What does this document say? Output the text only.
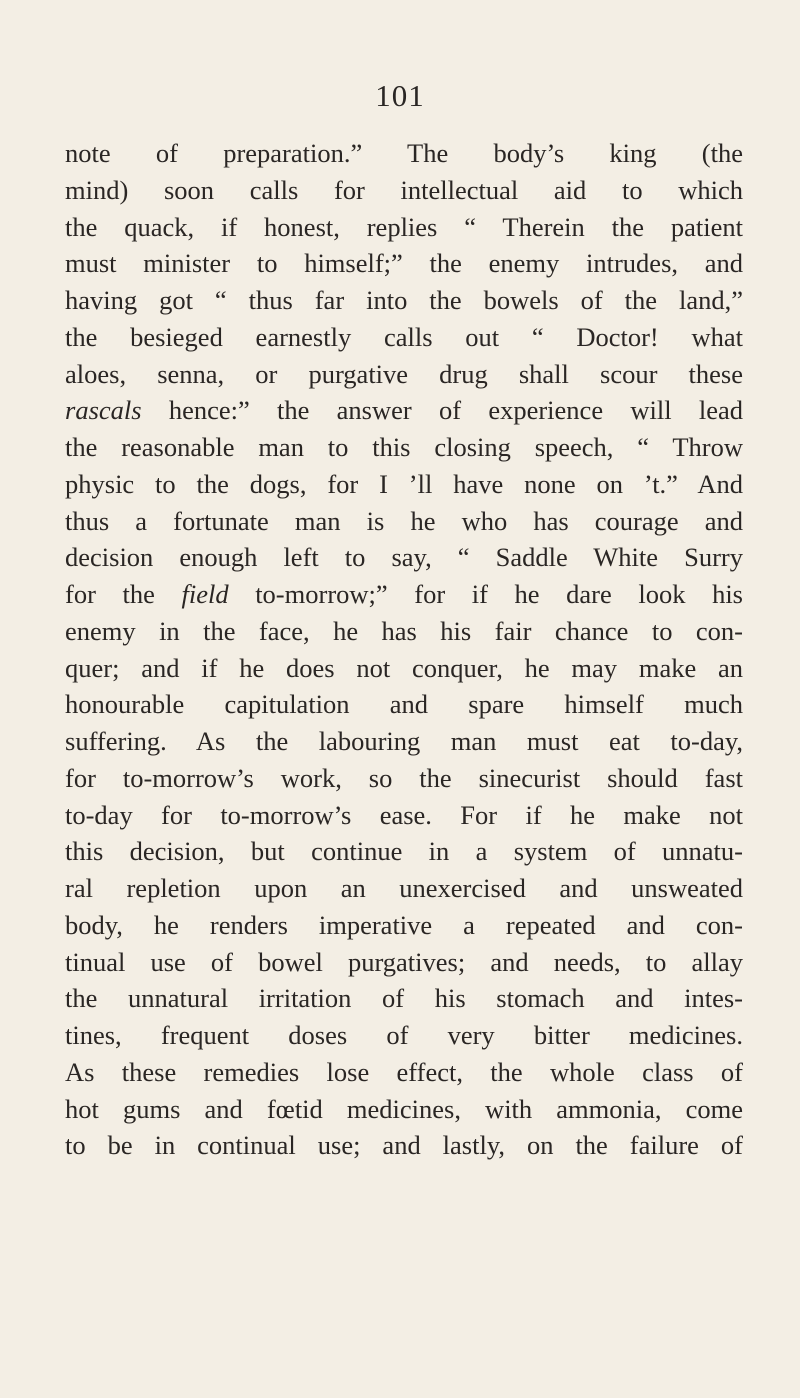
101
note of preparation.” The body’s king (the
mind) soon calls for intellectual aid to which
the quack, if honest, replies “ Therein the patient
must minister to himself;” the enemy intrudes, and
having got “ thus far into the bowels of the land,”
the besieged earnestly calls out “ Doctor! what
aloes, senna, or purgative drug shall scour these
rascals hence:” the answer of experience will lead
the reasonable man to this closing speech, “ Throw
physic to the dogs, for I ’ll have none on ’t.” And
thus a fortunate man is he who has courage and
decision enough left to say, “ Saddle White Surry
for the field to-morrow;” for if he dare look his
enemy in the face, he has his fair chance to con-
quer; and if he does not conquer, he may make an
honourable capitulation and spare himself much
suffering. As the labouring man must eat to-day,
for to-morrow’s work, so the sinecurist should fast
to-day for to-morrow’s ease. For if he make not
this decision, but continue in a system of unnatu-
ral repletion upon an unexercised and unsweated
body, he renders imperative a repeated and con-
tinual use of bowel purgatives; and needs, to allay
the unnatural irritation of his stomach and intes-
tines, frequent doses of very bitter medicines.
As these remedies lose effect, the whole class of
hot gums and fœtid medicines, with ammonia, come
to be in continual use; and lastly, on the failure of
